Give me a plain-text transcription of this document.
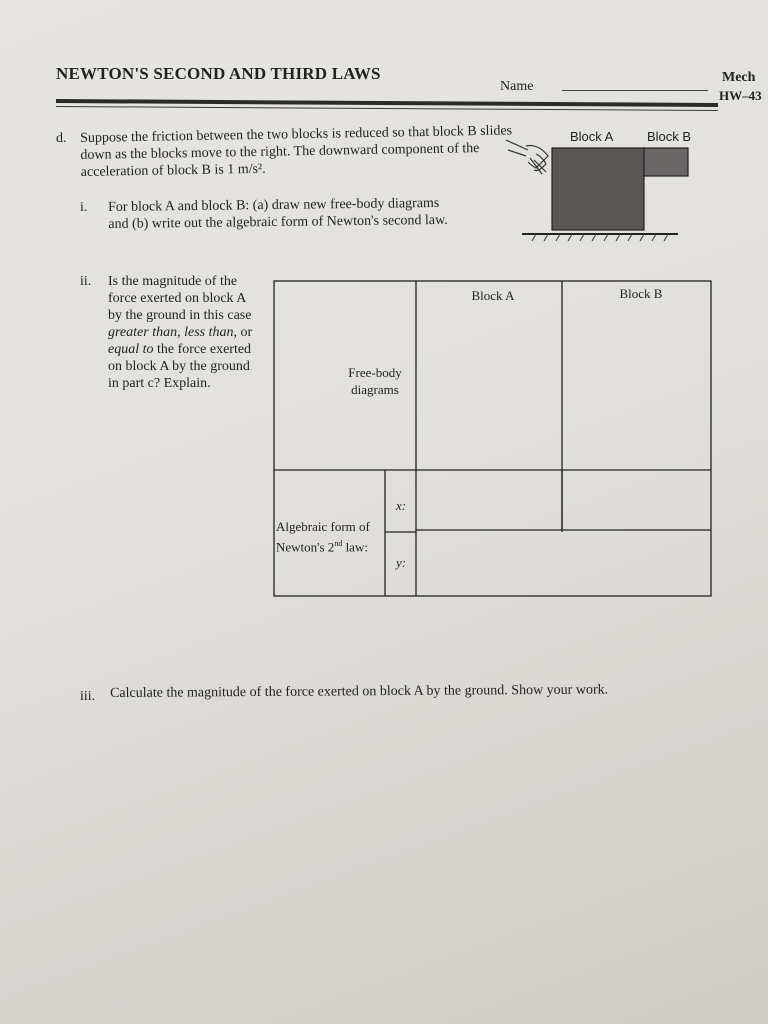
NEWTON'S SECOND AND THIRD LAWS
Name
Mech
HW–43
d. Suppose the friction between the two blocks is reduced so that block B slides down as the blocks move to the right. The downward component of the acceleration of block B is 1 m/s².
Block A	Block B
i. For block A and block B: (a) draw new free-body diagrams and (b) write out the algebraic form of Newton's second law.
ii. Is the magnitude of the force exerted on block A by the ground in this case greater than, less than, or equal to the force exerted on block A by the ground in part c? Explain.
Block A	Block B
Free-body
diagrams
Algebraic form of
Newton's 2nd law:
x:
y:
iii. Calculate the magnitude of the force exerted on block A by the ground. Show your work.
